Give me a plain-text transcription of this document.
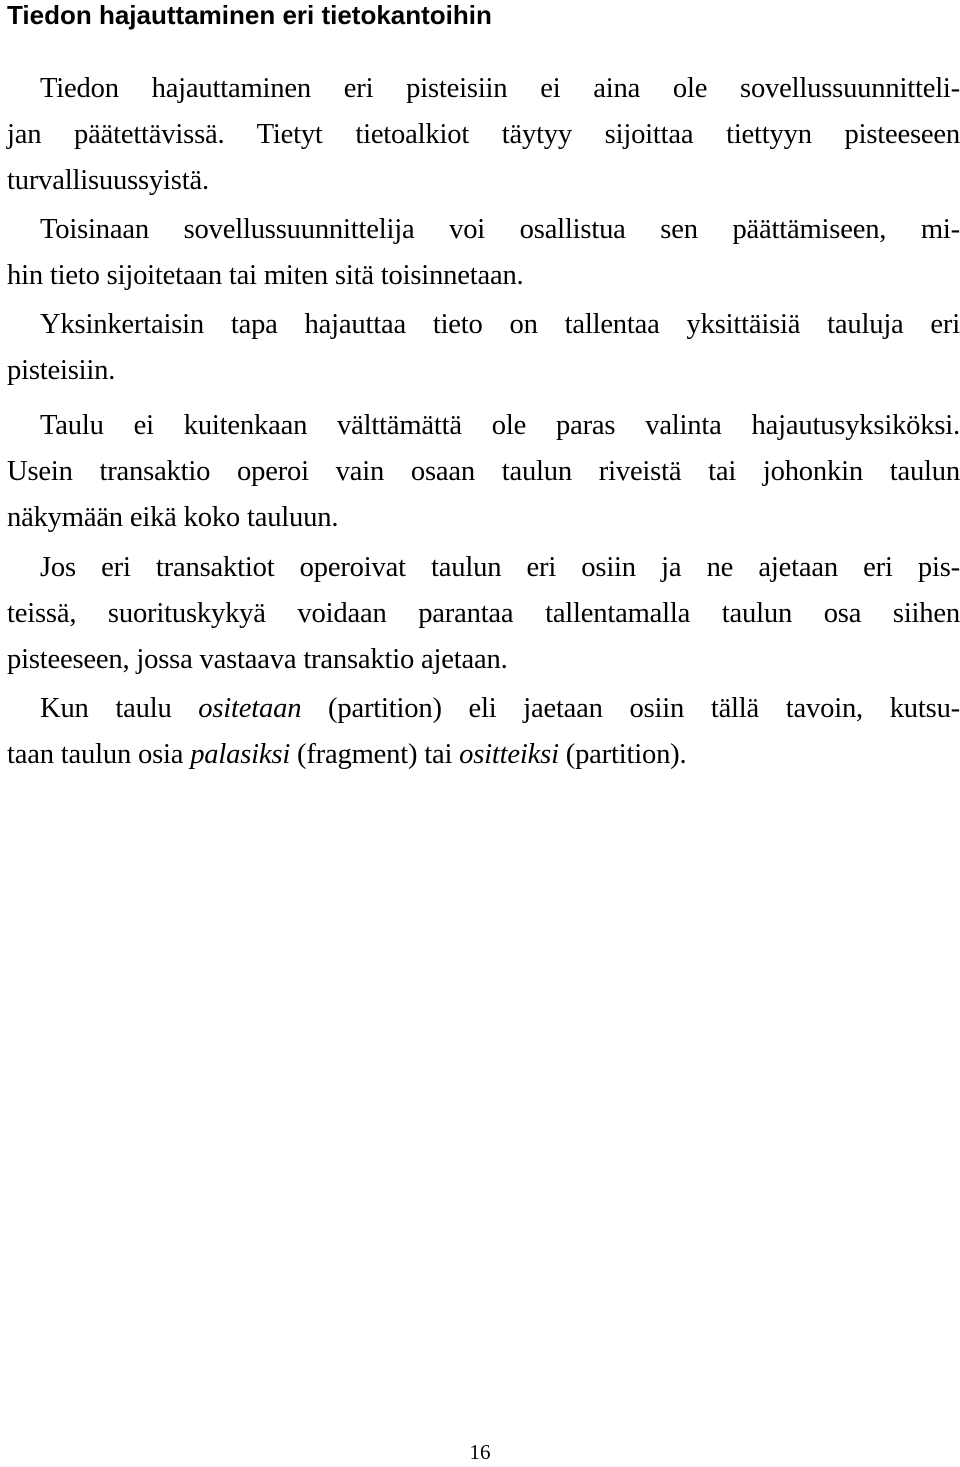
Tiedon hajauttaminen eri tietokantoihin
Tiedon hajauttaminen eri pisteisiin ei aina ole sovellussuunnitteli-
jan päätettävissä. Tietyt tietoalkiot täytyy sijoittaa tiettyyn pisteeseen
turvallisuussyistä.
Toisinaan sovellussuunnittelija voi osallistua sen päättämiseen, mi-
hin tieto sijoitetaan tai miten sitä toisinnetaan.
Yksinkertaisin tapa hajauttaa tieto on tallentaa yksittäisiä tauluja eri
pisteisiin.
Taulu ei kuitenkaan välttämättä ole paras valinta hajautusyksiköksi.
Usein transaktio operoi vain osaan taulun riveistä tai johonkin taulun
näkymään eikä koko tauluun.
Jos eri transaktiot operoivat taulun eri osiin ja ne ajetaan eri pis-
teissä, suorituskykyä voidaan parantaa tallentamalla taulun osa siihen
pisteeseen, jossa vastaava transaktio ajetaan.
Kun taulu ositetaan (partition) eli jaetaan osiin tällä tavoin, kutsu-
taan taulun osia palasiksi (fragment) tai ositteiksi (partition).
16
